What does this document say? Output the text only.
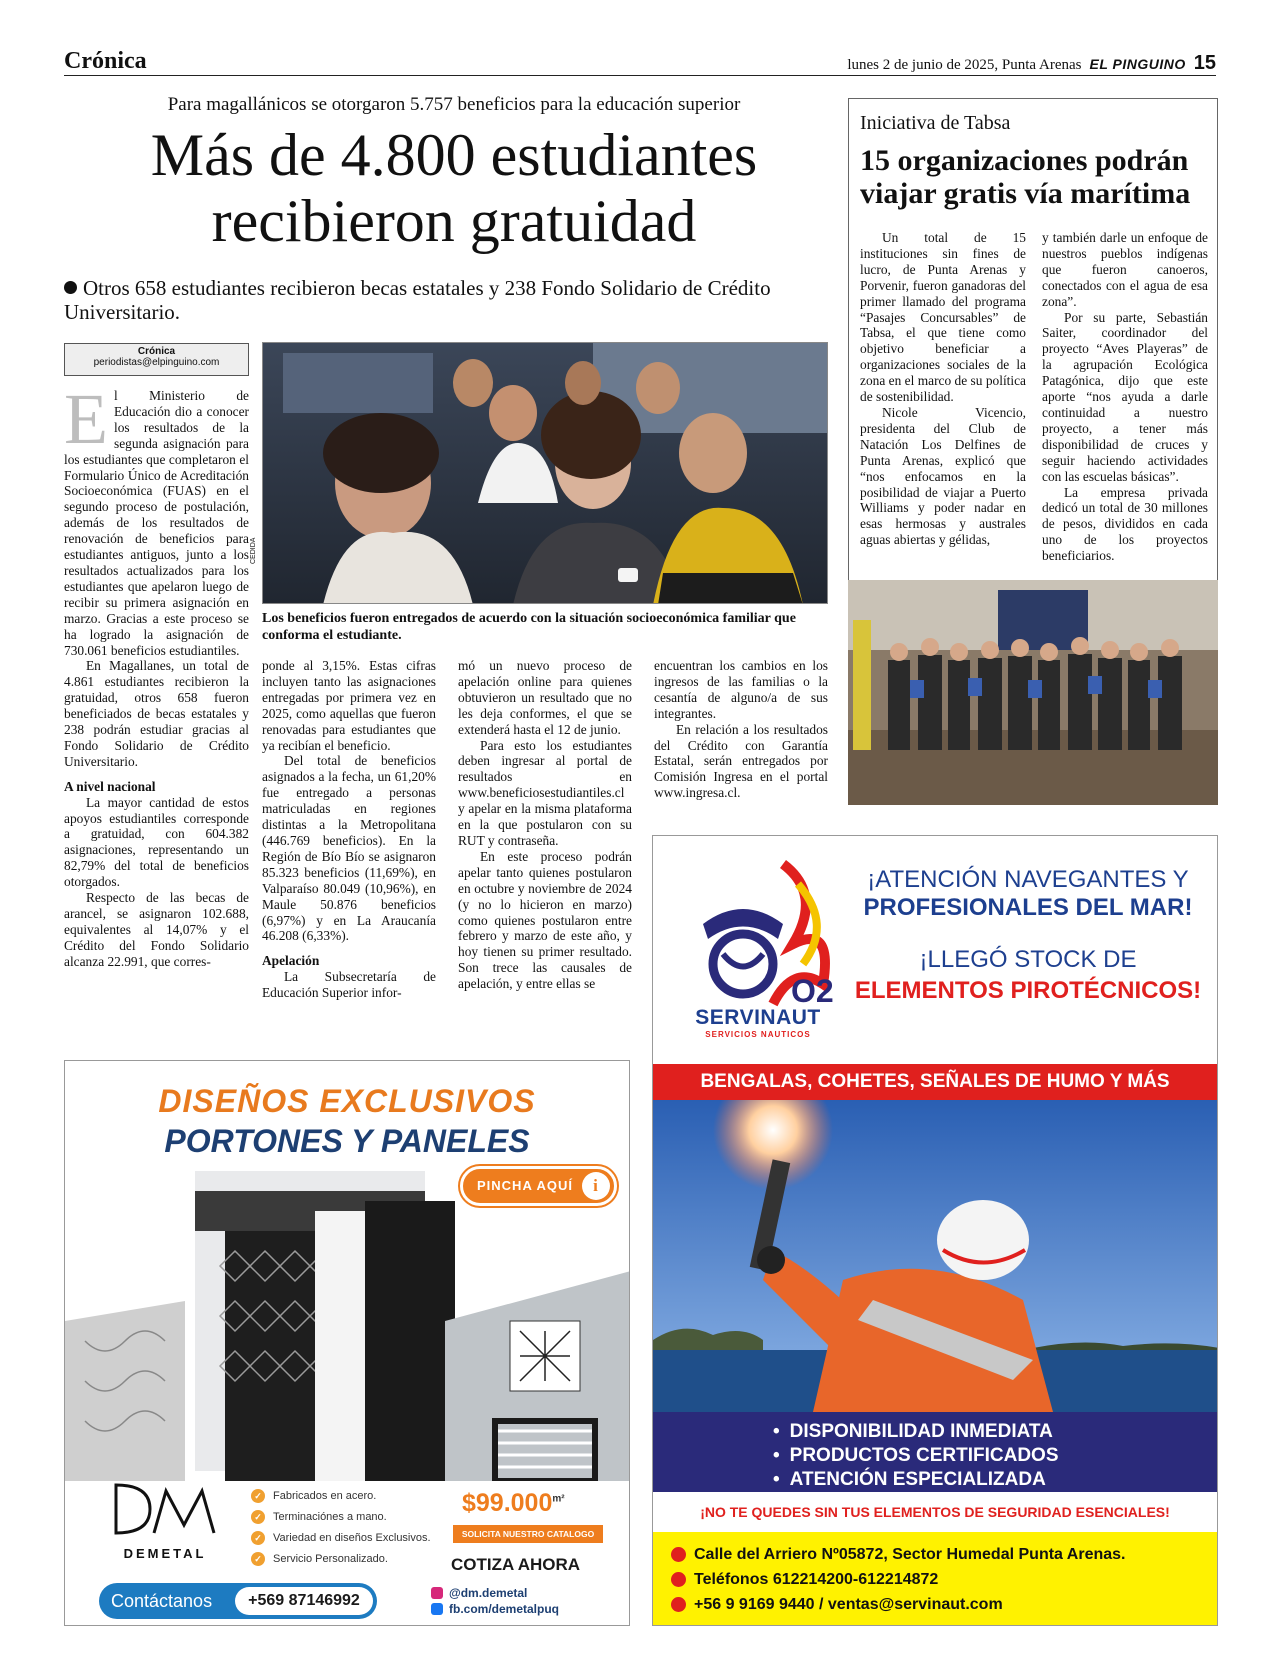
Crónica	lunes 2 de junio de 2025, Punta Arenas EL PINGUINO 15
Para magallánicos se otorgaron 5.757 beneficios para la educación superior
Más de 4.800 estudiantes recibieron gratuidad
Otros 658 estudiantes recibieron becas estatales y 238 Fondo Solidario de Crédito Universitario.
Crónica
periodistas@elpinguino.com

El Ministerio de Educación dio a conocer los resultados de la segunda asignación para los estudiantes que completaron el Formulario Único de Acreditación Socioeconómica (FUAS) en el segundo proceso de postulación, además de los resultados de renovación de beneficios para estudiantes antiguos, junto a los resultados actualizados para los estudiantes que apelaron luego de recibir su primera asignación en marzo. Gracias a este proceso se ha logrado la asignación de 730.061 beneficios estudiantiles.

En Magallanes, un total de 4.861 estudiantes recibieron la gratuidad, otros 658 fueron beneficiados de becas estatales y 238 podrán estudiar gracias al Fondo Solidario de Crédito Universitario.

A nivel nacional

La mayor cantidad de estos apoyos estudiantiles corresponde a gratuidad, con 604.382 asignaciones, representando un 82,79% del total de beneficios otorgados.

Respecto de las becas de arancel, se asignaron 102.688, equivalentes al 14,07% y el Crédito del Fondo Solidario alcanza 22.991, que corres-

CEDIDA
Los beneficios fueron entregados de acuerdo con la situación socioeconómica familiar que conforma el estudiante.

ponde al 3,15%. Estas cifras incluyen tanto las asignaciones entregadas por primera vez en 2025, como aquellas que fueron renovadas para estudiantes que ya recibían el beneficio.

Del total de beneficios asignados a la fecha, un 61,20% fue entregado a personas matriculadas en regiones distintas a la Metropolitana (446.769 beneficios). En la Región de Bío Bío se asignaron 85.323 beneficios (11,69%), en Valparaíso 80.049 (10,96%), en Maule 50.876 beneficios (6,97%) y en La Araucanía 46.208 (6,33%).

Apelación

La Subsecretaría de Educación Superior infor-

mó un nuevo proceso de apelación online para quienes obtuvieron un resultado que no les deja conformes, el que se extenderá hasta el 12 de junio.

Para esto los estudiantes deben ingresar al portal de resultados en www.beneficiosestudiantiles.cl y apelar en la misma plataforma en la que postularon con su RUT y contraseña.

En este proceso podrán apelar tanto quienes postularon en octubre y noviembre de 2024 (y no lo hicieron en marzo) como quienes postularon entre febrero y marzo de este año, y hoy tienen su primer resultado. Son trece las causales de apelación, y entre ellas se

encuentran los cambios en los ingresos de las familias o la cesantía de alguno/a de sus integrantes.

En relación a los resultados del Crédito con Garantía Estatal, serán entregados por Comisión Ingresa en el portal www.ingresa.cl.

Iniciativa de Tabsa
15 organizaciones podrán viajar gratis vía marítima

Un total de 15 instituciones sin fines de lucro, de Punta Arenas y Porvenir, fueron ganadoras del primer llamado del programa “Pasajes Concursables” de Tabsa, el que tiene como objetivo beneficiar a organizaciones sociales de la zona en el marco de su política de sostenibilidad.

Nicole Vicencio, presidenta del Club de Natación Los Delfines de Punta Arenas, explicó que “nos enfocamos en la posibilidad de viajar a Puerto Williams y poder nadar en esas hermosas y australes aguas abiertas y gélidas,

y también darle un enfoque de nuestros pueblos indígenas que fueron canoeros, conectados con el agua de esa zona”.

Por su parte, Sebastián Saiter, coordinador del proyecto “Aves Playeras” de la agrupación Ecológica Patagónica, dijo que este aporte “nos ayuda a darle continuidad a nuestro proyecto, a tener más disponibilidad de cruces y seguir haciendo actividades con las escuelas básicas”.

La empresa privada dedicó un total de 30 millones de pesos, divididos en cada uno de los proyectos beneficiarios.

DISEÑOS EXCLUSIVOS
PORTONES Y PANELES
PINCHA AQUÍ	i
DM
DEMETAL
✓ Fabricados en acero.
✓ Terminaciónes a mano.
✓ Variedad en diseños Exclusivos.
✓ Servicio Personalizado.
$\$99.000^{m^2}$
SOLICITA NUESTRO CATALOGO
COTIZA AHORA
Contáctanos	+569 87146992	@dm.demetal
fb.com/demetalpuq
O2
SERVINAUT
SERVICIOS NAUTICOS
¡ATENCIÓN NAVEGANTES Y
PROFESIONALES DEL MAR!
¡LLEGÓ STOCK DE
ELEMENTOS PIROTÉCNICOS!
BENGALAS, COHETES, SEÑALES DE HUMO Y MÁS
• DISPONIBILIDAD INMEDIATA
• PRODUCTOS CERTIFICADOS
• ATENCIÓN ESPECIALIZADA
¡NO TE QUEDES SIN TUS ELEMENTOS DE SEGURIDAD ESENCIALES!
Calle del Arriero Nº05872, Sector Humedal Punta Arenas.
Teléfonos 612214200-612214872
+56 9 9169 9440 / ventas@servinaut.com
